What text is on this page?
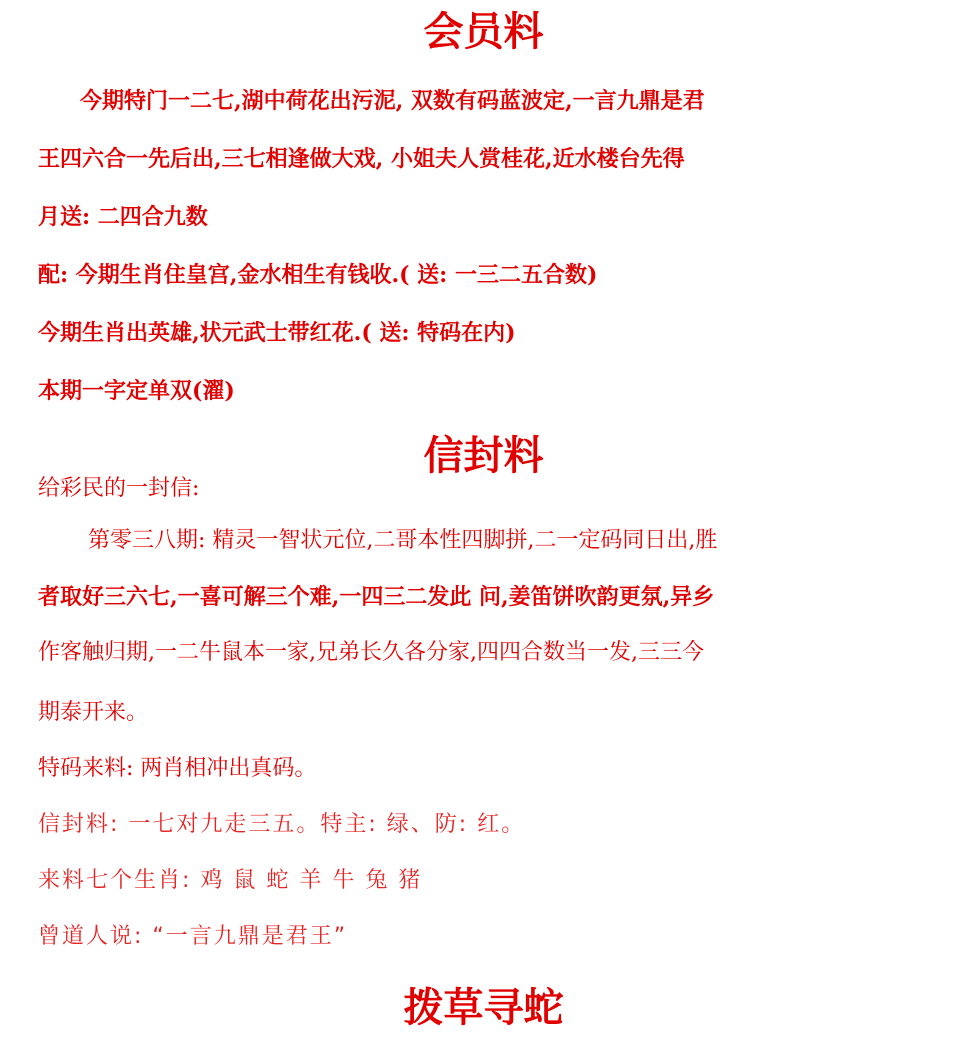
会员料
今期特门一二七,湖中荷花出污泥, 双数有码蓝波定,一言九鼎是君
王四六合一先后出,三七相逢做大戏, 小姐夫人赏桂花,近水楼台先得
月送: 二四合九数
配: 今期生肖住皇宫,金水相生有钱收.( 送: 一三二五合数)
今期生肖出英雄,状元武士带红花.( 送: 特码在内)
本期一字定单双(濯)
信封料
给彩民的一封信:
第零三八期: 精灵一智状元位,二哥本性四脚拼,二一定码同日出,胜
者取好三六七,一喜可解三个难,一四三二发此 问,姜笛饼吹韵更氛,异乡
作客触归期,一二牛鼠本一家,兄弟长久各分家,四四合数当一发,三三今
期泰开来。
特码来料: 两肖相冲出真码。
信封料: 一七对九走三五。特主: 绿、防: 红。
来料七个生肖: 鸡 鼠 蛇 羊 牛 兔 猪
曾道人说: “一言九鼎是君王”
拨草寻蛇
